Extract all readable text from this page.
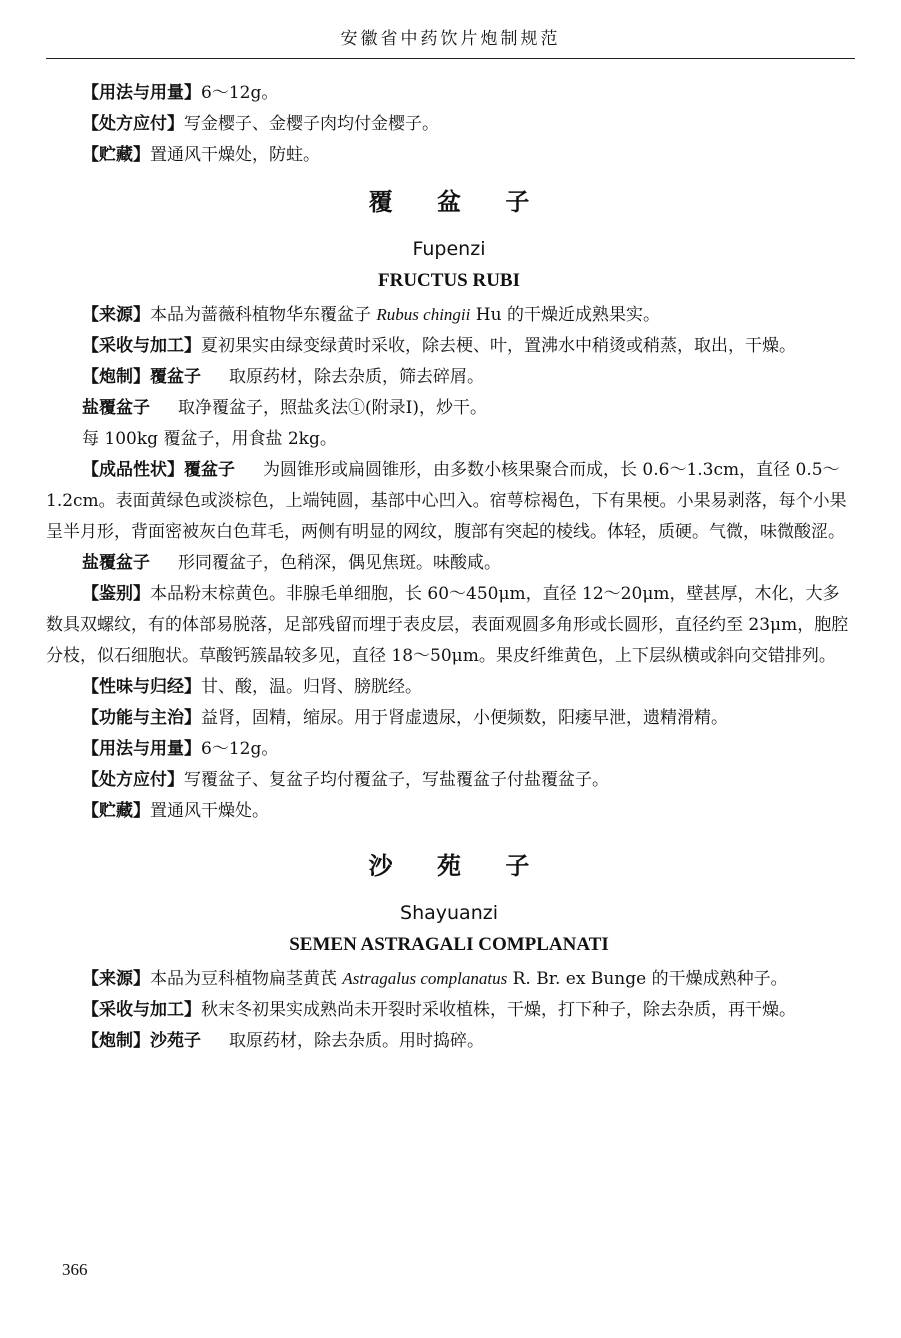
安徽省中药饮片炮制规范

【用法与用量】6～12g。

【处方应付】写金樱子、金樱子肉均付金樱子。

【贮藏】置通风干燥处，防蛀。

覆 盆 子
Fupenzi
FRUCTUS RUBI

【来源】本品为蔷薇科植物华东覆盆子 Rubus chingii Hu 的干燥近成熟果实。

【采收与加工】夏初果实由绿变绿黄时采收，除去梗、叶，置沸水中稍烫或稍蒸，取出，干燥。

【炮制】覆盆子 取原药材，除去杂质，筛去碎屑。

盐覆盆子 取净覆盆子，照盐炙法①(附录Ⅰ)，炒干。

每 100kg 覆盆子，用食盐 2kg。

【成品性状】覆盆子 为圆锥形或扁圆锥形，由多数小核果聚合而成，长 0.6～1.3cm，直径 0.5～1.2cm。表面黄绿色或淡棕色，上端钝圆，基部中心凹入。宿萼棕褐色，下有果梗。小果易剥落，每个小果呈半月形，背面密被灰白色茸毛，两侧有明显的网纹，腹部有突起的棱线。体轻，质硬。气微，味微酸涩。

盐覆盆子 形同覆盆子，色稍深，偶见焦斑。味酸咸。

【鉴别】本品粉末棕黄色。非腺毛单细胞，长 60～450μm，直径 12～20μm，壁甚厚，木化，大多数具双螺纹，有的体部易脱落，足部残留而埋于表皮层，表面观圆多角形或长圆形，直径约至 23μm，胞腔分枝，似石细胞状。草酸钙簇晶较多见，直径 18～50μm。果皮纤维黄色，上下层纵横或斜向交错排列。

【性味与归经】甘、酸，温。归肾、膀胱经。

【功能与主治】益肾，固精，缩尿。用于肾虚遗尿，小便频数，阳痿早泄，遗精滑精。

【用法与用量】6～12g。

【处方应付】写覆盆子、复盆子均付覆盆子，写盐覆盆子付盐覆盆子。

【贮藏】置通风干燥处。

沙 苑 子
Shayuanzi
SEMEN ASTRAGALI COMPLANATI

【来源】本品为豆科植物扁茎黄芪 Astragalus complanatus R. Br. ex Bunge 的干燥成熟种子。

【采收与加工】秋末冬初果实成熟尚未开裂时采收植株，干燥，打下种子，除去杂质，再干燥。

【炮制】沙苑子 取原药材，除去杂质。用时捣碎。

366
